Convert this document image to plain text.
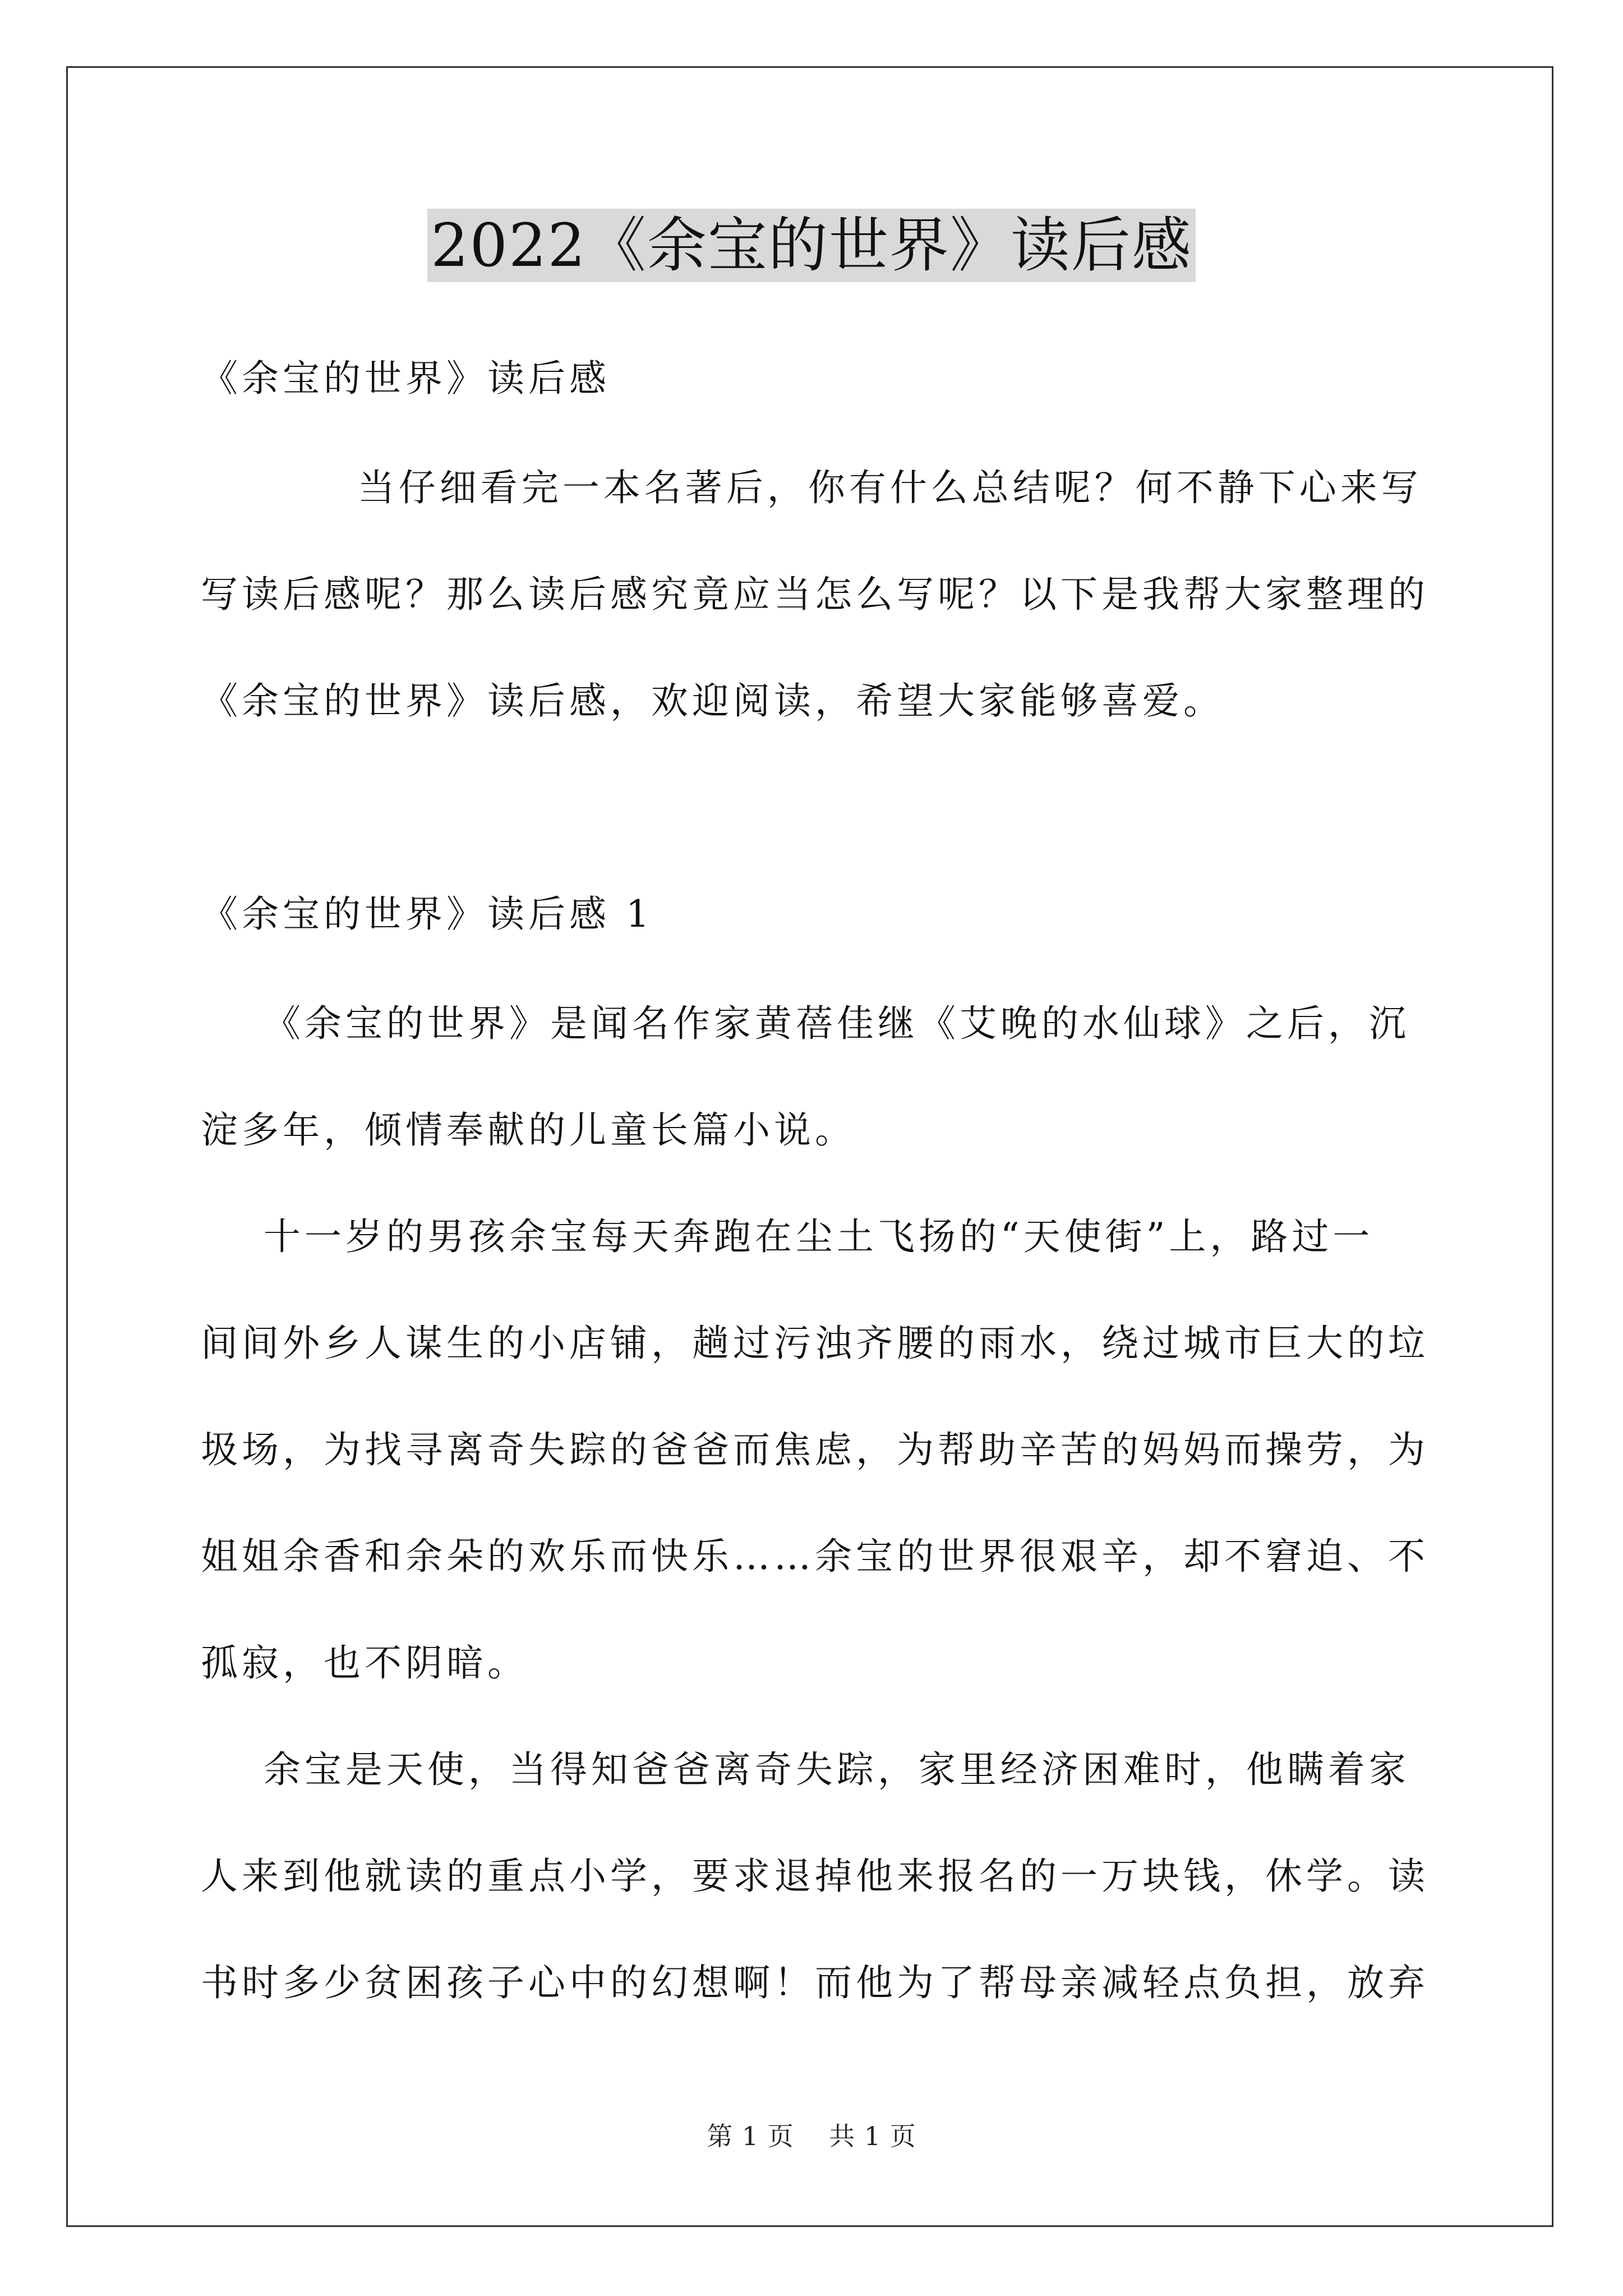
2022《余宝的世界》读后感
《余宝的世界》读后感
当仔细看完一本名著后，你有什么总结呢？何不静下心来写
写读后感呢？那么读后感究竟应当怎么写呢？以下是我帮大家整理的
《余宝的世界》读后感，欢迎阅读，希望大家能够喜爱。
《余宝的世界》读后感 1
《余宝的世界》是闻名作家黄蓓佳继《艾晚的水仙球》之后，沉
淀多年，倾情奉献的儿童长篇小说。
十一岁的男孩余宝每天奔跑在尘土飞扬的“天使街”上，路过一
间间外乡人谋生的小店铺，趟过污浊齐腰的雨水，绕过城市巨大的垃
圾场，为找寻离奇失踪的爸爸而焦虑，为帮助辛苦的妈妈而操劳，为
姐姐余香和余朵的欢乐而快乐……余宝的世界很艰辛，却不窘迫、不
孤寂，也不阴暗。
余宝是天使，当得知爸爸离奇失踪，家里经济困难时，他瞒着家
人来到他就读的重点小学，要求退掉他来报名的一万块钱，休学。读
书时多少贫困孩子心中的幻想啊！而他为了帮母亲减轻点负担，放弃
第 1 页    共 1 页
